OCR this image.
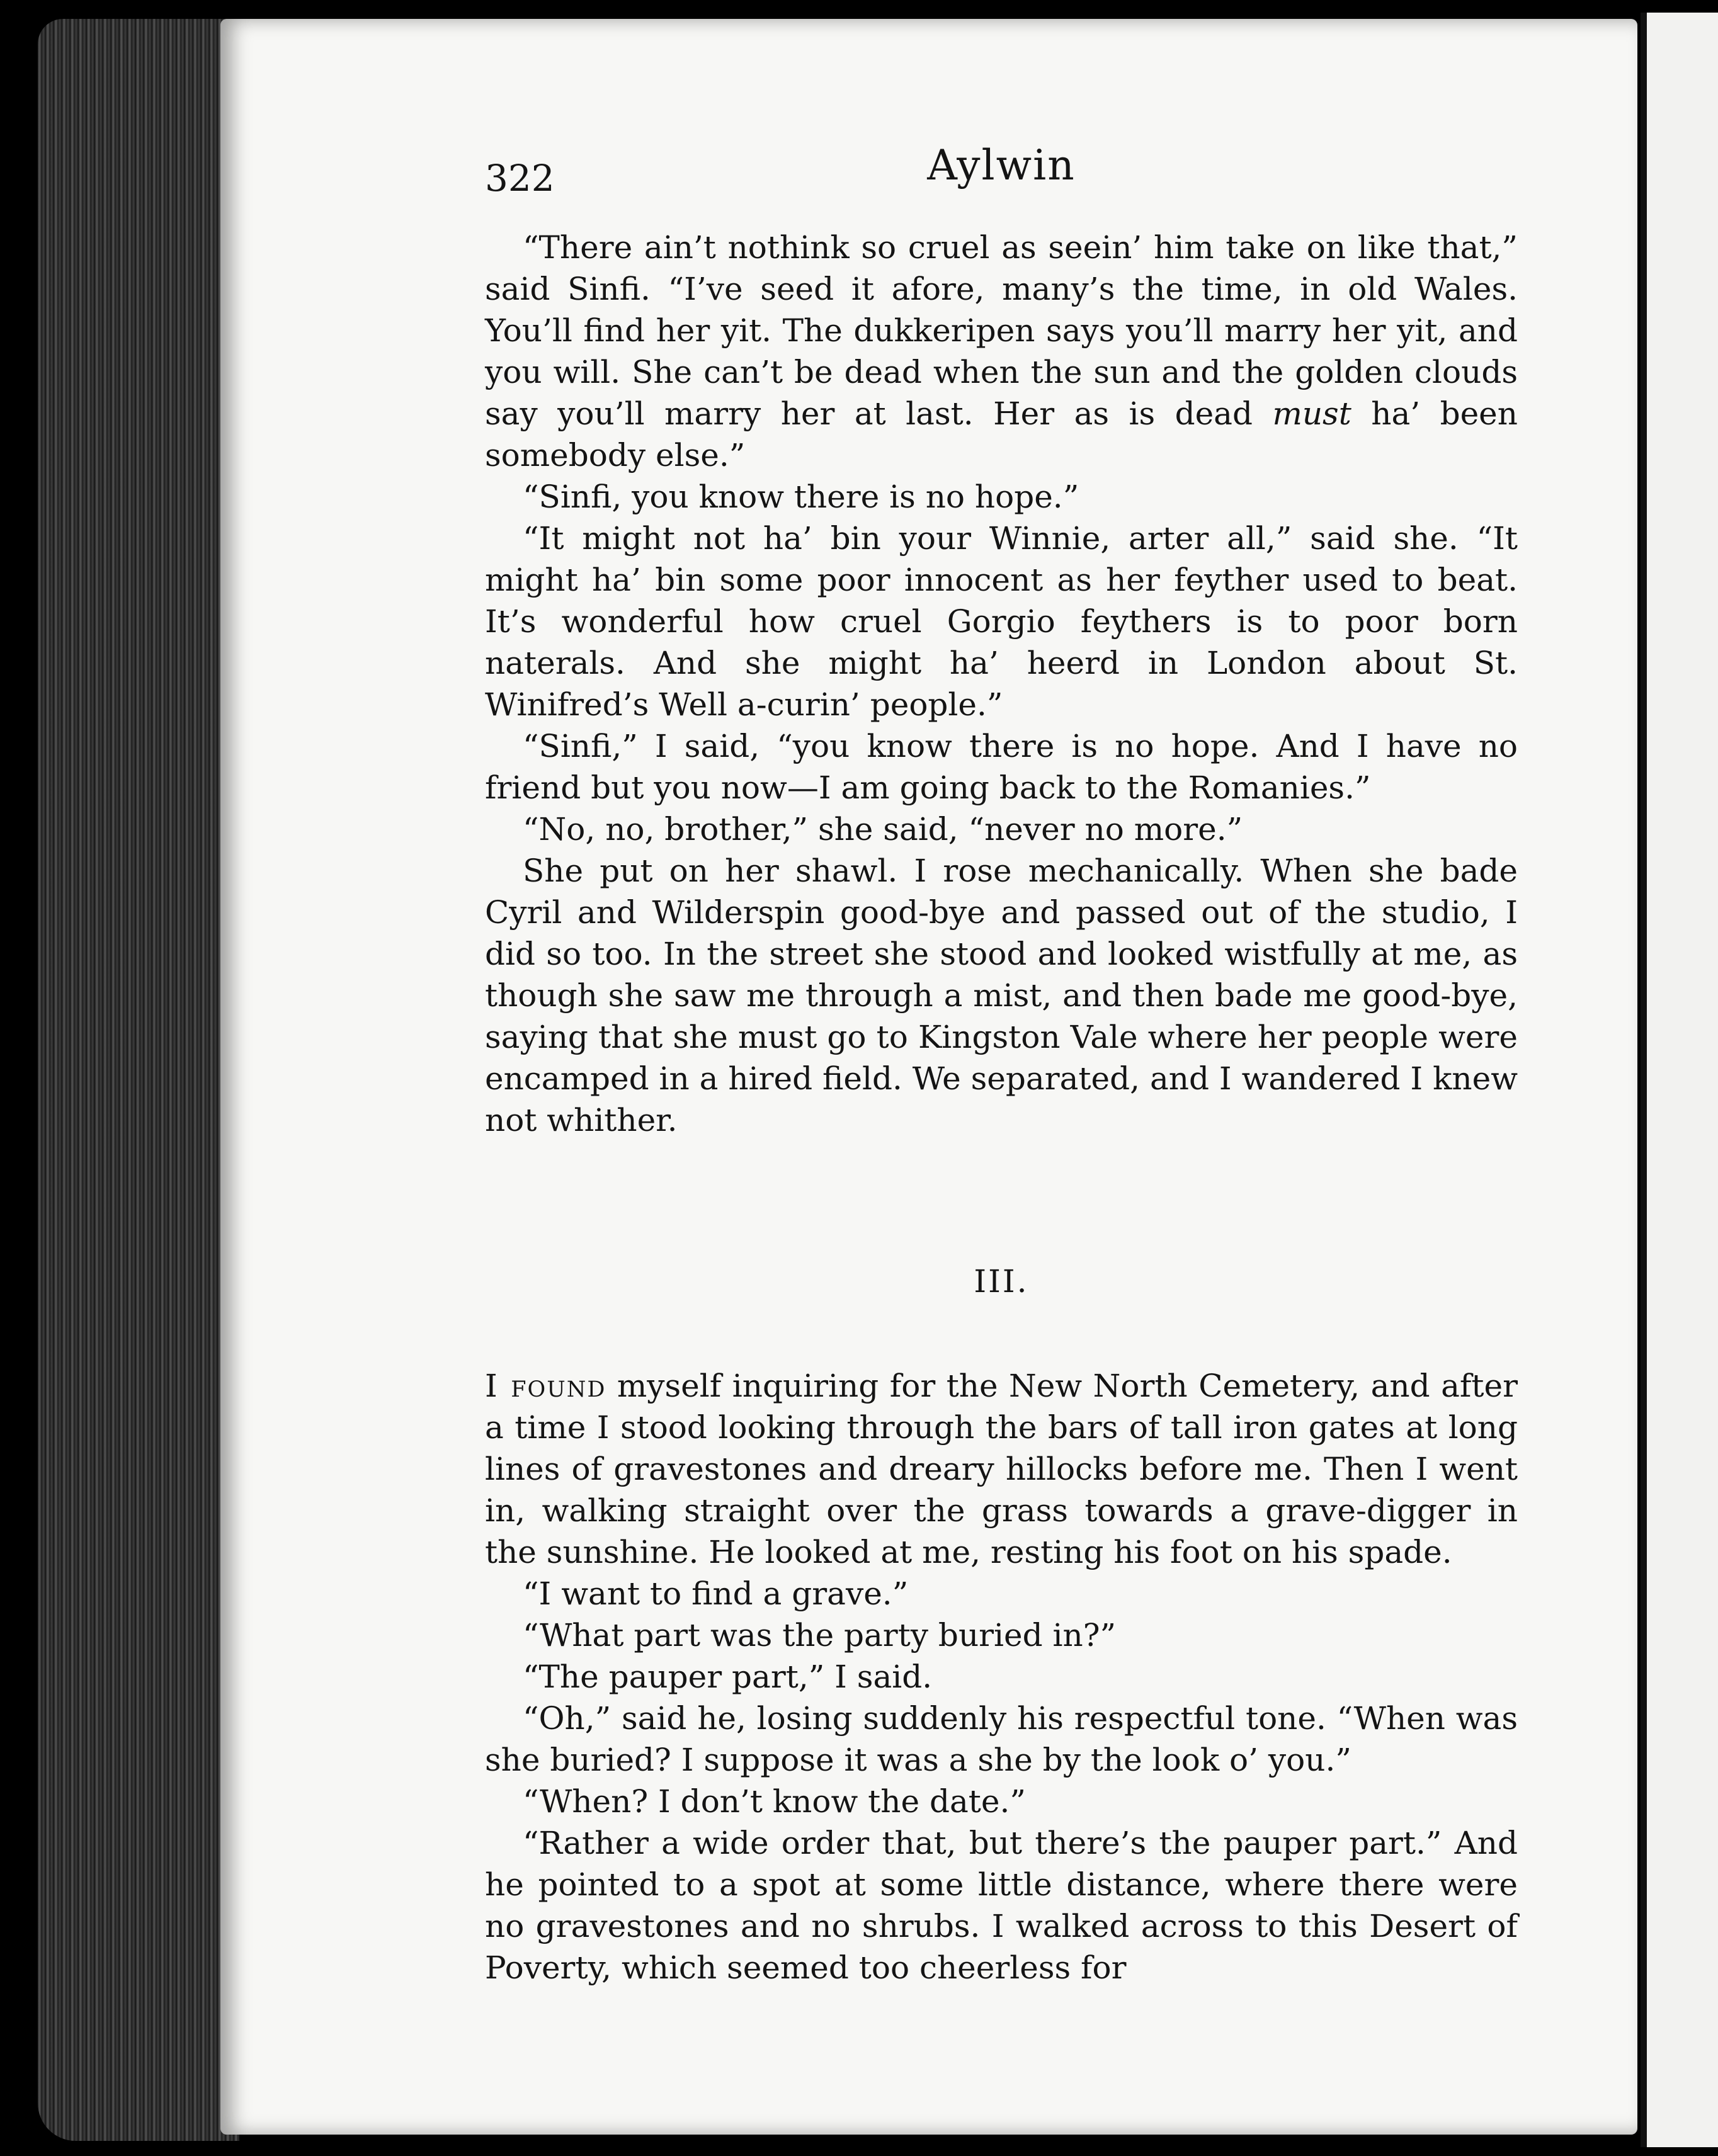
322	Aylwin

“There ain’t nothink so cruel as seein’ him take on like that,” said Sinfi. “I’ve seed it afore, many’s the time, in old Wales. You’ll find her yit. The dukkeripen says you’ll marry her yit, and you will. She can’t be dead when the sun and the golden clouds say you’ll marry her at last. Her as is dead must ha’ been somebody else.”

“Sinfi, you know there is no hope.”

“It might not ha’ bin your Winnie, arter all,” said she. “It might ha’ bin some poor innocent as her feyther used to beat. It’s wonderful how cruel Gorgio feythers is to poor born naterals. And she might ha’ heerd in London about St. Winifred’s Well a-curin’ people.”

“Sinfi,” I said, “you know there is no hope. And I have no friend but you now—I am going back to the Romanies.”

“No, no, brother,” she said, “never no more.”

She put on her shawl. I rose mechanically. When she bade Cyril and Wilderspin good-bye and passed out of the studio, I did so too. In the street she stood and looked wistfully at me, as though she saw me through a mist, and then bade me good-bye, saying that she must go to Kingston Vale where her people were encamped in a hired field. We separated, and I wandered I knew not whither.

III.

I found myself inquiring for the New North Cemetery, and after a time I stood looking through the bars of tall iron gates at long lines of gravestones and dreary hillocks before me. Then I went in, walking straight over the grass towards a grave-digger in the sunshine. He looked at me, resting his foot on his spade.

“I want to find a grave.”

“What part was the party buried in?”

“The pauper part,” I said.

“Oh,” said he, losing suddenly his respectful tone. “When was she buried? I suppose it was a she by the look o’ you.”

“When? I don’t know the date.”

“Rather a wide order that, but there’s the pauper part.” And he pointed to a spot at some little distance, where there were no gravestones and no shrubs. I walked across to this Desert of Poverty, which seemed too cheerless for
